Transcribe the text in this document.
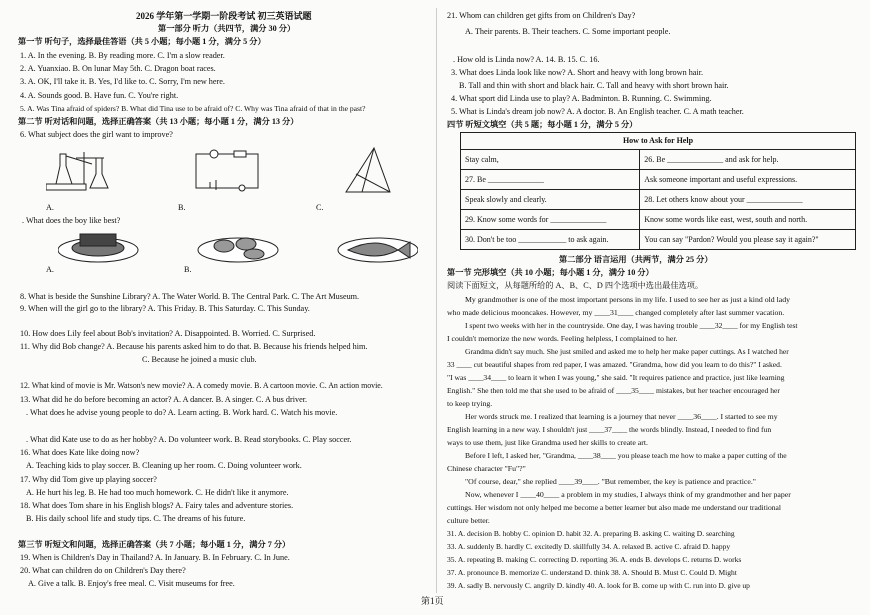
2026 学年第一学期一阶段考试 初三英语试题
第一部分 听力（共四节，满分 30 分）
第一节 听句子，选择最佳答语（共 5 小题；每小题 1 分，满分 5 分）
1. A. In the evening. B. By reading more. C. I'm a slow reader.
2. A. Yuanxiao. B. On lunar May 5th. C. Dragon boat races.
3. A. OK, I'll take it. B. Yes, I'd like to. C. Sorry, I'm new here.
4. A. Sounds good. B. Have fun. C. You're right.
5. A. Was Tina afraid of spiders? B. What did Tina use to be afraid of? C. Why was Tina afraid of that in the past?
第二节 听对话和问题，选择正确答案（共 13 小题；每小题 1 分，满分 13 分）
6. What subject does the girl want to improve?
A.	B.	C.
. What does the boy like best?
A.	B.
8. What is beside the Sunshine Library? A. The Water World. B. The Central Park. C. The Art Museum.
9. When will the girl go to the library? A. This Friday. B. This Saturday. C. This Sunday.
10. How does Lily feel about Bob's invitation? A. Disappointed. B. Worried. C. Surprised.
11. Why did Bob change? A. Because his parents asked him to do that. B. Because his friends helped him.
C. Because he joined a music club.
12. What kind of movie is Mr. Watson's new movie? A. A comedy movie. B. A cartoon movie. C. An action movie.
13. What did he do before becoming an actor? A. A dancer. B. A singer. C. A bus driver.
. What does he advise young people to do? A. Learn acting. B. Work hard. C. Watch his movie.
. What did Kate use to do as her hobby? A. Do volunteer work. B. Read storybooks. C. Play soccer.
16. What does Kate like doing now?
A. Teaching kids to play soccer. B. Cleaning up her room. C. Doing volunteer work.
17. Why did Tom give up playing soccer?
A. He hurt his leg. B. He had too much homework. C. He didn't like it anymore.
18. What does Tom share in his English blogs? A. Fairy tales and adventure stories.
B. His daily school life and study tips. C. The dreams of his future.
第三节 听短文和问题，选择正确答案（共 7 小题；每小题 1 分，满分 7 分）
19. When is Children's Day in Thailand? A. In January. B. In February. C. In June.
20. What can children do on Children's Day there?
A. Give a talk. B. Enjoy's free meal. C. Visit museums for free.
21. Whom can children get gifts from on Children's Day?
A. Their parents. B. Their teachers. C. Some important people.
. How old is Linda now? A. 14. B. 15. C. 16.
3. What does Linda look like now? A. Short and heavy with long brown hair.
B. Tall and thin with short and black hair. C. Tall and heavy with short brown hair.
4. What sport did Linda use to play? A. Badminton. B. Running. C. Swimming.
5. What is Linda's dream job now? A. A doctor. B. An English teacher. C. A math teacher.
四节 听短文填空（共 5 题；每小题 1 分，满分 5 分）
How to Ask for Help	
Stay calm,	26. Be ______________ and ask for help.
27. Be ______________	Ask someone important and useful expressions.
Speak slowly and clearly.	28. Let others know about your ______________
29. Know some words for ______________	Know some words like east, west, south and north.
30. Don't be too ____________ to ask again.	You can say "Pardon? Would you please say it again?"
第二部分 语言运用（共两节，满分 25 分）
第一节 完形填空（共 10 小题；每小题 1 分，满分 10 分）
阅读下面短文，从每题所给的 A、B、C、D 四个选项中选出最佳选项。
My grandmother is one of the most important persons in my life. I used to see her as just a kind old lady
who made delicious mooncakes. However, my ____31____ changed completely after last summer vacation.
I spent two weeks with her in the countryside. One day, I was having trouble ____32____ for my English test
I couldn't memorize the new words. Feeling helpless, I complained to her.
Grandma didn't say much. She just smiled and asked me to help her make paper cuttings. As I watched her
33 ____ cut beautiful shapes from red paper, I was amazed. "Grandma, how did you learn to do this?" I asked.
"I was ____34____ to learn it when I was young," she said. "It requires patience and practice, just like learning
English." She then told me that she used to be afraid of ____35____ mistakes, but her teacher encouraged her
to keep trying.
Her words struck me. I realized that learning is a journey that never ____36____. I started to see my
English learning in a new way. I shouldn't just ____37____ the words blindly. Instead, I needed to find fun
ways to use them, just like Grandma used her skills to create art.
Before I left, I asked her, "Grandma, ____38____ you please teach me how to make a paper cutting of the
Chinese character "Fu"?"
"Of course, dear," she replied ____39____. "But remember, the key is patience and practice."
Now, whenever I ____40____ a problem in my studies, I always think of my grandmother and her paper
cuttings. Her wisdom not only helped me become a better learner but also made me understand our traditional
culture better.
31. A. decision B. hobby C. opinion D. habit 32. A. preparing B. asking C. waiting D. searching
33. A. suddenly B. hardly C. excitedly D. skillfully 34. A. relaxed B. active C. afraid D. happy
35. A. repeating B. making C. correcting D. reporting 36. A. ends B. develops C. returns D. works
37. A. pronounce B. memorize C. understand D. think 38. A. Should B. Must C. Could D. Might
39. A. sadly B. nervously C. angrily D. kindly 40. A. look for B. come up with C. run into D. give up
第1页
